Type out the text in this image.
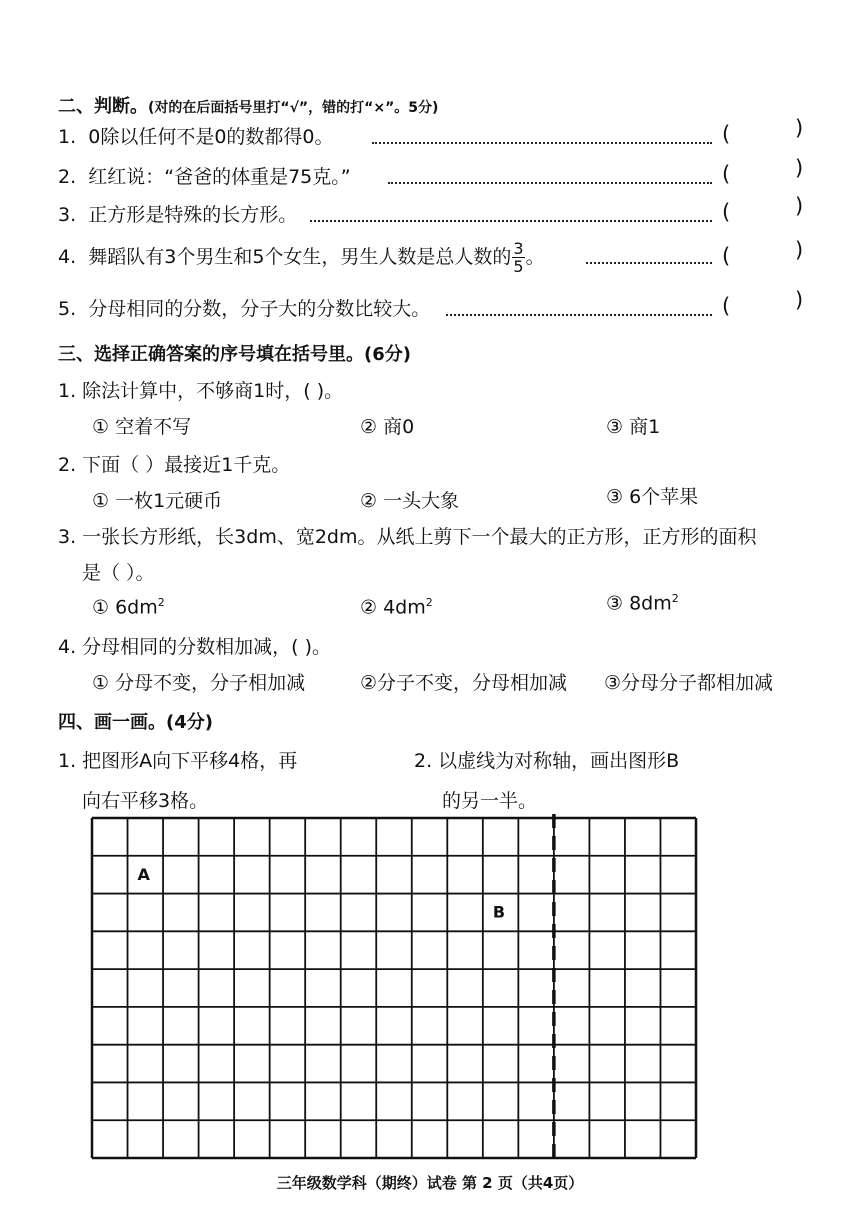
二、判断。(对的在后面括号里打“√”，错的打“×”。5分)
1. 0除以任何不是0的数都得0。	(	)
2. 红红说：“爸爸的体重是75克。”	(	)
3. 正方形是特殊的长方形。	(	)
4. 舞蹈队有3个男生和5个女生，男生人数是总人数的 $\frac{3}{5}$ 。	(	)
5. 分母相同的分数，分子大的分数比较大。	(	)
三、选择正确答案的序号填在括号里。(6分)
1. 除法计算中，不够商1时，( )。
① 空着不写	② 商0	③ 商1
2. 下面（ ）最接近1千克。
① 一枚1元硬币	② 一头大象	③ 6个苹果
3. 一张长方形纸，长3dm、宽2dm。从纸上剪下一个最大的正方形，正方形的面积
是（ ）。
① $6dm^2$	② $4dm^2$	③ $8dm^2$
4. 分母相同的分数相加减，( )。
① 分母不变，分子相加减	②分子不变，分母相加减 ③分母分子都相加减
四、画一画。(4分)
1. 把图形A向下平移4格，再
向右平移3格。
2. 以虚线为对称轴，画出图形B
的另一半。
A
B
三年级数学科（期终）试卷 第 2 页（共4页）
